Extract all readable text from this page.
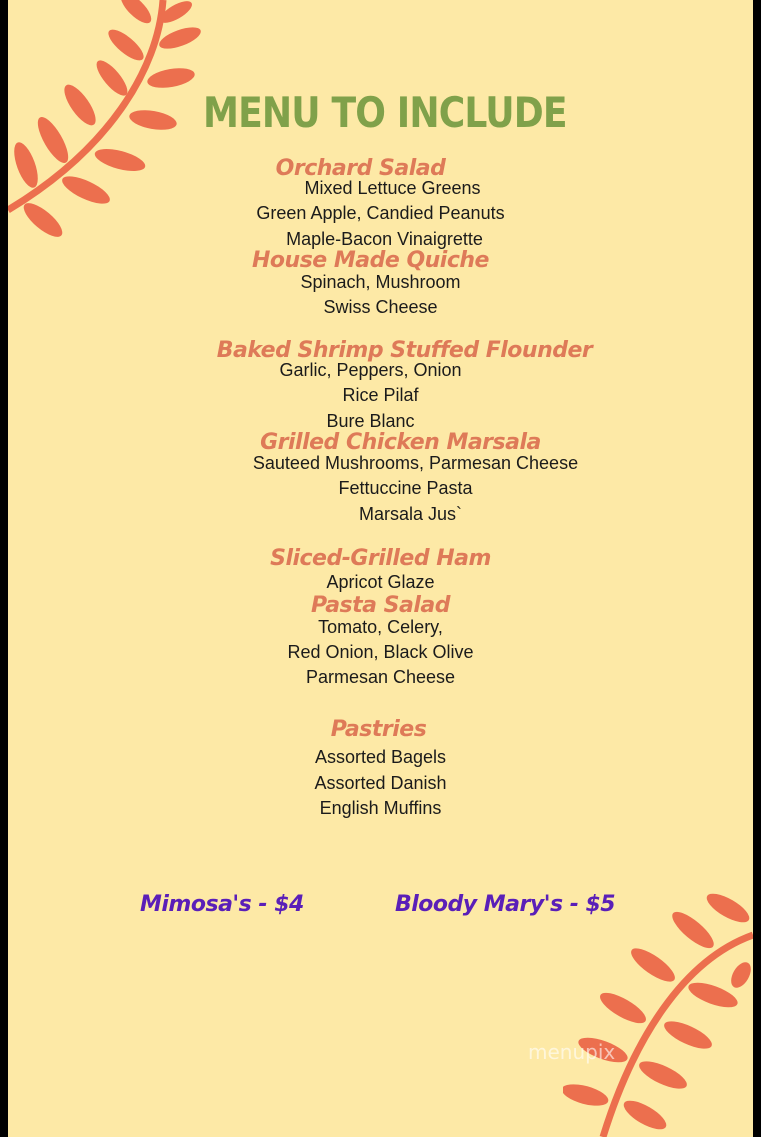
MENU TO INCLUDE
Orchard Salad
Mixed Lettuce Greens
Green Apple, Candied Peanuts
Maple-Bacon Vinaigrette
House Made Quiche
Spinach, Mushroom
Swiss Cheese
Baked Shrimp Stuffed Flounder
Garlic, Peppers, Onion
Rice Pilaf
Bure Blanc
Grilled Chicken Marsala
Sauteed Mushrooms, Parmesan Cheese
Fettuccine Pasta
Marsala Jus`
Sliced-Grilled Ham
Apricot Glaze
Pasta Salad
Tomato, Celery,
Red Onion, Black Olive
Parmesan Cheese
Pastries
Assorted Bagels
Assorted Danish
English Muffins
Mimosa's - $4	Bloody Mary's - $5
menupix
